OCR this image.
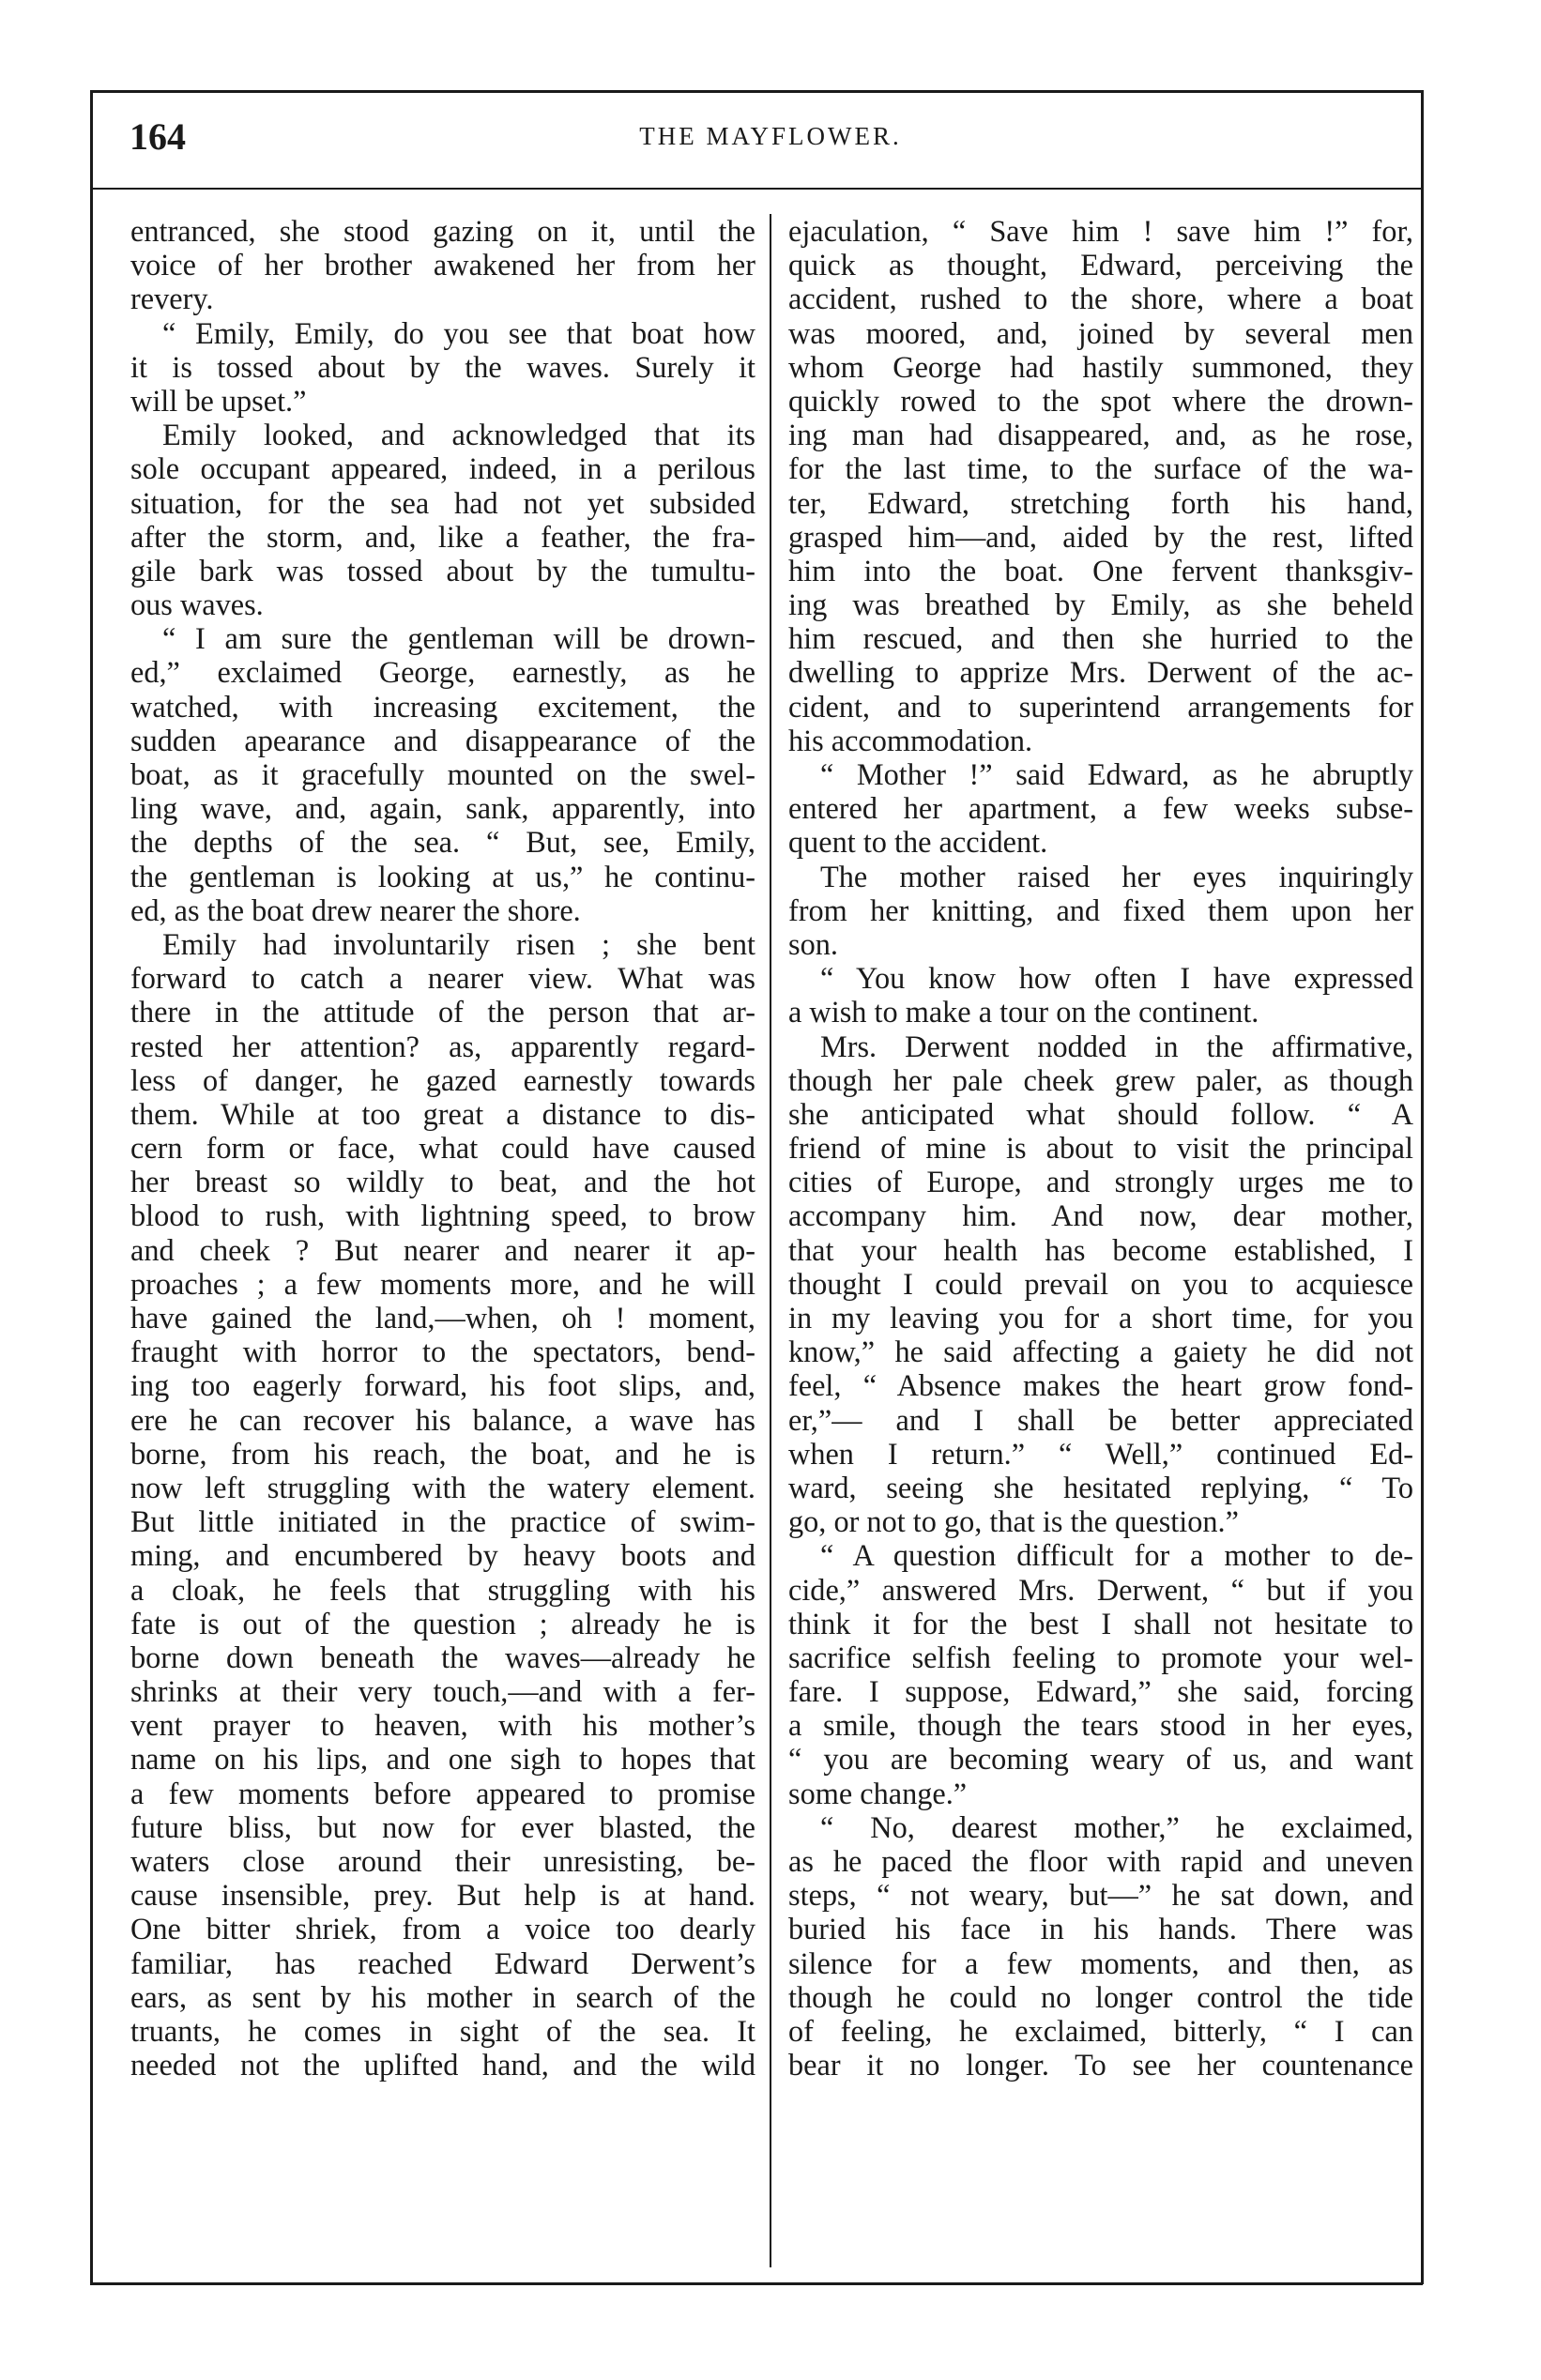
164	THE MAYFLOWER.
entranced, she stood gazing on it, until the
voice of her brother awakened her from her
revery.
“ Emily, Emily, do you see that boat how
it is tossed about by the waves. Surely it
will be upset.”
Emily looked, and acknowledged that its
sole occupant appeared, indeed, in a perilous
situation, for the sea had not yet subsided
after the storm, and, like a feather, the fra-
gile bark was tossed about by the tumultu-
ous waves.
“ I am sure the gentleman will be drown-
ed,” exclaimed George, earnestly, as he
watched, with increasing excitement, the
sudden apearance and disappearance of the
boat, as it gracefully mounted on the swel-
ling wave, and, again, sank, apparently, into
the depths of the sea. “ But, see, Emily,
the gentleman is looking at us,” he continu-
ed, as the boat drew nearer the shore.
Emily had involuntarily risen ; she bent
forward to catch a nearer view. What was
there in the attitude of the person that ar-
rested her attention? as, apparently regard-
less of danger, he gazed earnestly towards
them. While at too great a distance to dis-
cern form or face, what could have caused
her breast so wildly to beat, and the hot
blood to rush, with lightning speed, to brow
and cheek ? But nearer and nearer it ap-
proaches ; a few moments more, and he will
have gained the land,—when, oh ! moment,
fraught with horror to the spectators, bend-
ing too eagerly forward, his foot slips, and,
ere he can recover his balance, a wave has
borne, from his reach, the boat, and he is
now left struggling with the watery element.
But little initiated in the practice of swim-
ming, and encumbered by heavy boots and
a cloak, he feels that struggling with his
fate is out of the question ; already he is
borne down beneath the waves—already he
shrinks at their very touch,—and with a fer-
vent prayer to heaven, with his mother’s
name on his lips, and one sigh to hopes that
a few moments before appeared to promise
future bliss, but now for ever blasted, the
waters close around their unresisting, be-
cause insensible, prey. But help is at hand.
One bitter shriek, from a voice too dearly
familiar, has reached Edward Derwent’s
ears, as sent by his mother in search of the
truants, he comes in sight of the sea. It
needed not the uplifted hand, and the wild
ejaculation, “ Save him ! save him !” for,
quick as thought, Edward, perceiving the
accident, rushed to the shore, where a boat
was moored, and, joined by several men
whom George had hastily summoned, they
quickly rowed to the spot where the drown-
ing man had disappeared, and, as he rose,
for the last time, to the surface of the wa-
ter, Edward, stretching forth his hand,
grasped him—and, aided by the rest, lifted
him into the boat. One fervent thanksgiv-
ing was breathed by Emily, as she beheld
him rescued, and then she hurried to the
dwelling to apprize Mrs. Derwent of the ac-
cident, and to superintend arrangements for
his accommodation.
“ Mother !” said Edward, as he abruptly
entered her apartment, a few weeks subse-
quent to the accident.
The mother raised her eyes inquiringly
from her knitting, and fixed them upon her
son.
“ You know how often I have expressed
a wish to make a tour on the continent.
Mrs. Derwent nodded in the affirmative,
though her pale cheek grew paler, as though
she anticipated what should follow. “ A
friend of mine is about to visit the principal
cities of Europe, and strongly urges me to
accompany him. And now, dear mother,
that your health has become established, I
thought I could prevail on you to acquiesce
in my leaving you for a short time, for you
know,” he said affecting a gaiety he did not
feel, “ Absence makes the heart grow fond-
er,”— and I shall be better appreciated
when I return.” “ Well,” continued Ed-
ward, seeing she hesitated replying, “ To
go, or not to go, that is the question.”
“ A question difficult for a mother to de-
cide,” answered Mrs. Derwent, “ but if you
think it for the best I shall not hesitate to
sacrifice selfish feeling to promote your wel-
fare. I suppose, Edward,” she said, forcing
a smile, though the tears stood in her eyes,
“ you are becoming weary of us, and want
some change.”
“ No, dearest mother,” he exclaimed,
as he paced the floor with rapid and uneven
steps, “ not weary, but—” he sat down, and
buried his face in his hands. There was
silence for a few moments, and then, as
though he could no longer control the tide
of feeling, he exclaimed, bitterly, “ I can
bear it no longer. To see her countenance
